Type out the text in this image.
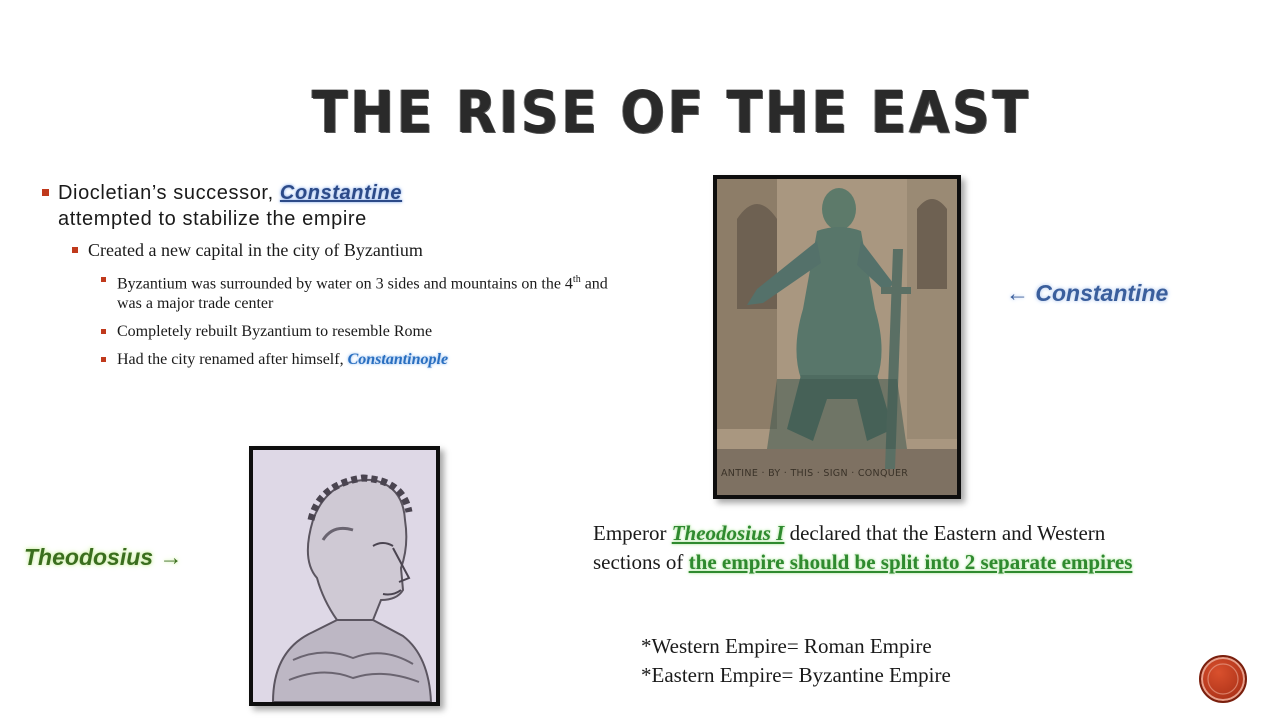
THE RISE OF THE EAST
Diocletian’s successor, Constantine
attempted to stabilize the empire
Created a new capital in the city of Byzantium
Byzantium was surrounded by water on 3 sides and mountains on the 4th and was a major trade center
Completely rebuilt Byzantium to resemble Rome
Had the city renamed after himself, Constantinople
ANTINE · BY · THIS · SIGN · CONQUER
← Constantine
Theodosius →
Emperor Theodosius I declared that the Eastern and Western sections of the empire should be split into 2 separate empires
*Western Empire= Roman Empire
*Eastern Empire= Byzantine Empire
